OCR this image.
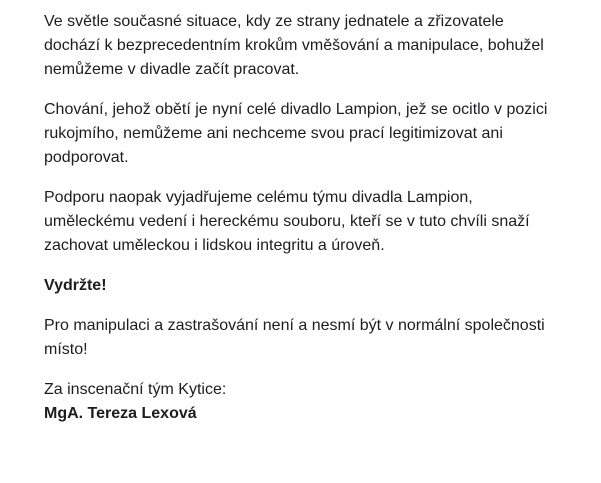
Ve světle současné situace, kdy ze strany jednatele a zřizovatele dochází k bezprecedentním krokům vměšování a manipulace, bohužel nemůžeme v divadle začít pracovat.

Chování, jehož obětí je nyní celé divadlo Lampion, jež se ocitlo v pozici rukojmího, nemůžeme ani nechceme svou prací legitimizovat ani podporovat.

Podporu naopak vyjadřujeme celému týmu divadla Lampion, uměleckému vedení i hereckému souboru, kteří se v tuto chvíli snaží zachovat uměleckou i lidskou integritu a úroveň.

Vydržte!

Pro manipulaci a zastrašování není a nesmí být v normální společnosti místo!

Za inscenační tým Kytice:

MgA. Tereza Lexová
